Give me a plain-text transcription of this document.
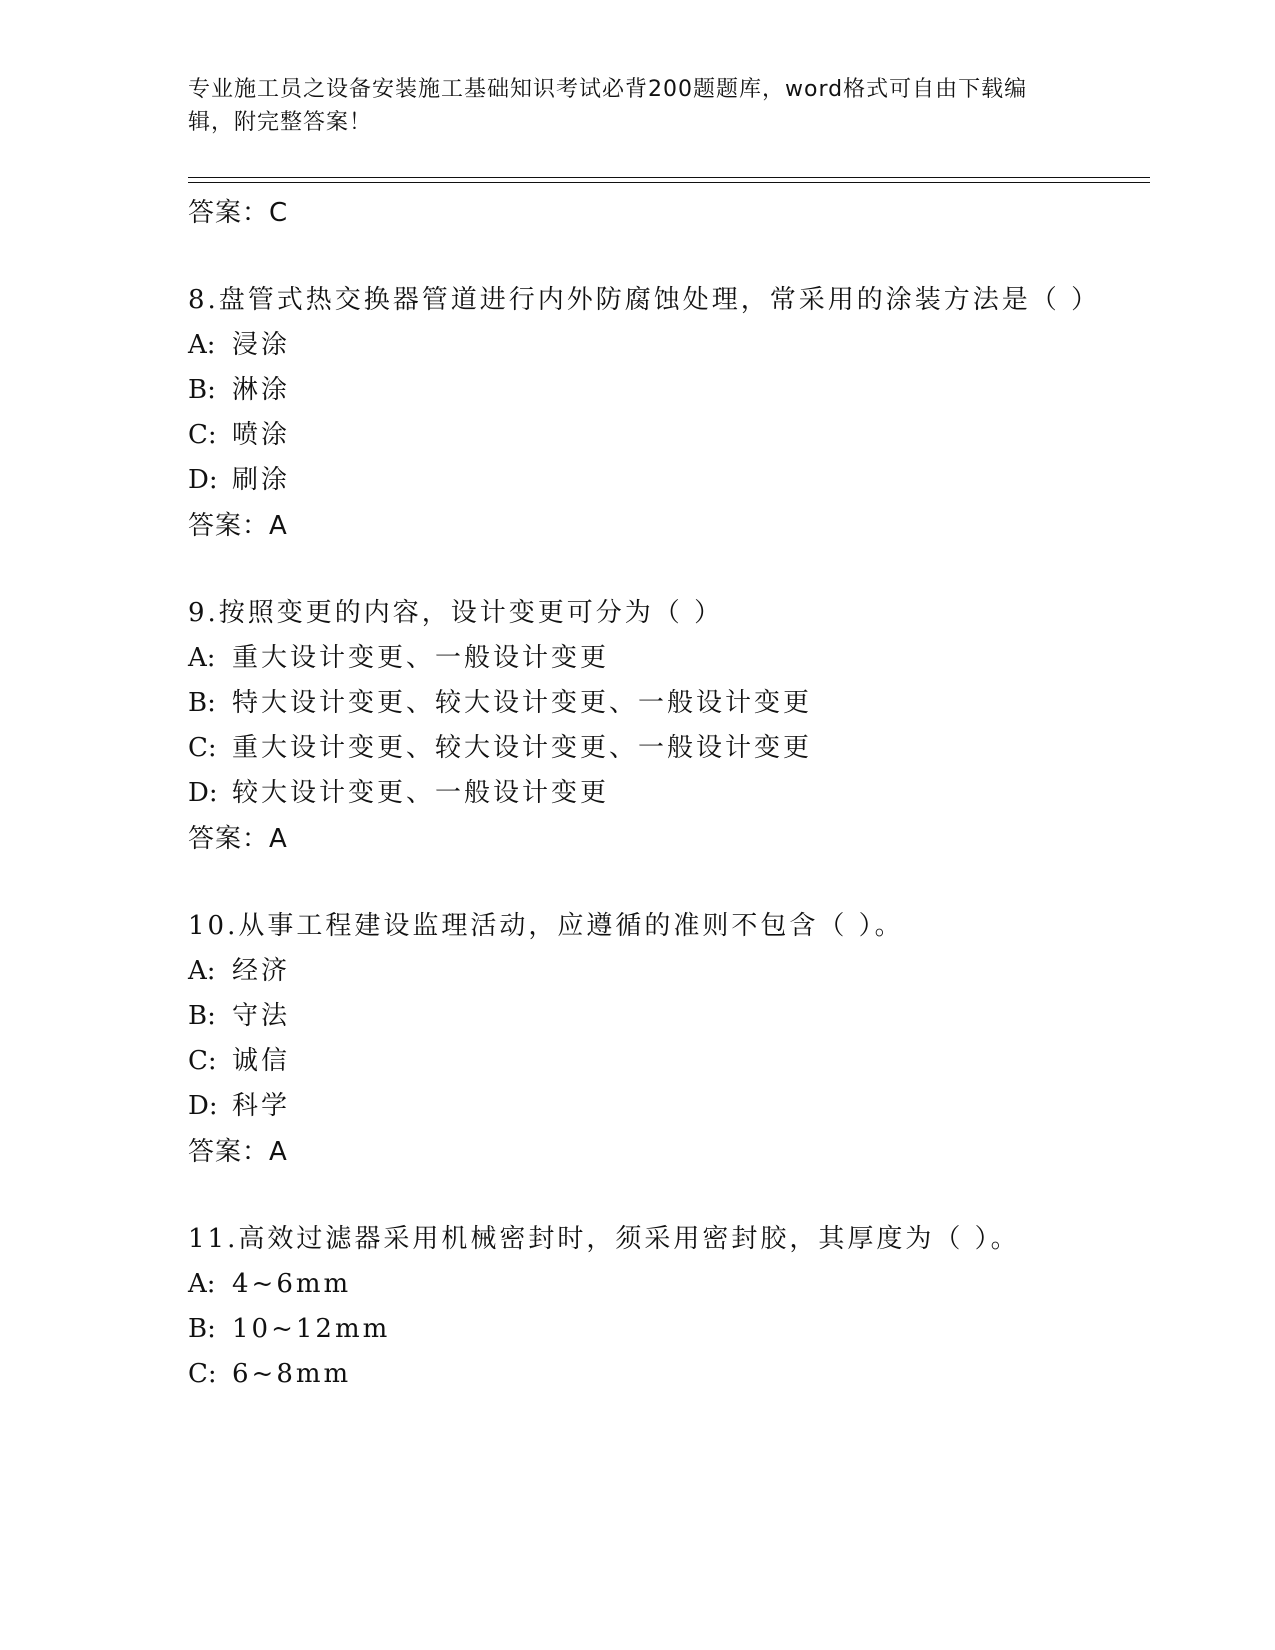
专业施工员之设备安装施工基础知识考试必背200题题库，word格式可自由下载编辑，附完整答案！
答案：C
8.盘管式热交换器管道进行内外防腐蚀处理，常采用的涂装方法是（ ）
A: 浸涂
B: 淋涂
C: 喷涂
D: 刷涂
答案：A
9.按照变更的内容，设计变更可分为（ ）
A: 重大设计变更、一般设计变更
B: 特大设计变更、较大设计变更、一般设计变更
C: 重大设计变更、较大设计变更、一般设计变更
D: 较大设计变更、一般设计变更
答案：A
10.从事工程建设监理活动，应遵循的准则不包含（ ）。
A: 经济
B: 守法
C: 诚信
D: 科学
答案：A
11.高效过滤器采用机械密封时，须采用密封胶，其厚度为（ ）。
A: 4~6mm
B: 10~12mm
C: 6~8mm
